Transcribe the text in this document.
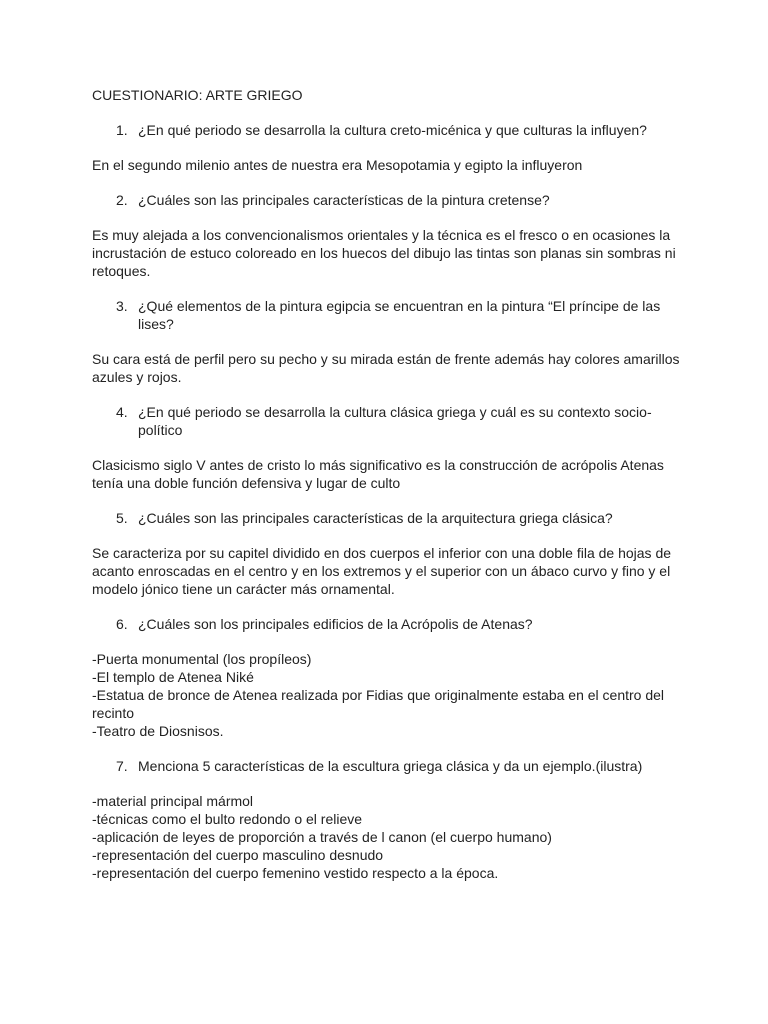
CUESTIONARIO: ARTE GRIEGO
1. ¿En qué periodo se desarrolla la cultura creto-micénica y que culturas la influyen?
En el segundo milenio antes de nuestra era Mesopotamia y egipto la influyeron
2. ¿Cuáles son las principales características de la pintura cretense?
Es muy alejada a los convencionalismos orientales y la técnica es el fresco o en ocasiones la incrustación de estuco coloreado en los huecos del dibujo las tintas son planas sin sombras ni retoques.
3. ¿Qué elementos de la pintura egipcia se encuentran en la pintura “El príncipe de las lises?
Su cara está de perfil pero su pecho y su mirada están de frente además hay colores amarillos azules y rojos.
4. ¿En qué periodo se desarrolla la cultura clásica griega y cuál es su contexto socio-político
Clasicismo siglo V antes de cristo lo más significativo es la construcción de acrópolis Atenas tenía una doble función defensiva y lugar de culto
5. ¿Cuáles son las principales características de la arquitectura griega clásica?
Se caracteriza por su capitel dividido en dos cuerpos el inferior con una doble fila de hojas de acanto enroscadas en el centro y en los extremos y el superior con un ábaco curvo y fino y el modelo jónico tiene un carácter más ornamental.
6. ¿Cuáles son los principales edificios de la Acrópolis de Atenas?
-Puerta monumental (los propíleos)
-El templo de Atenea Niké
-Estatua de bronce de Atenea realizada por Fidias que originalmente estaba en el centro del recinto
-Teatro de Diosnisos.
7. Menciona 5 características de la escultura griega clásica y da un ejemplo.(ilustra)
-material principal mármol
-técnicas como el bulto redondo o el relieve
-aplicación de leyes de proporción a través de l canon (el cuerpo humano)
-representación del cuerpo masculino desnudo
-representación del cuerpo femenino vestido respecto a la época.
